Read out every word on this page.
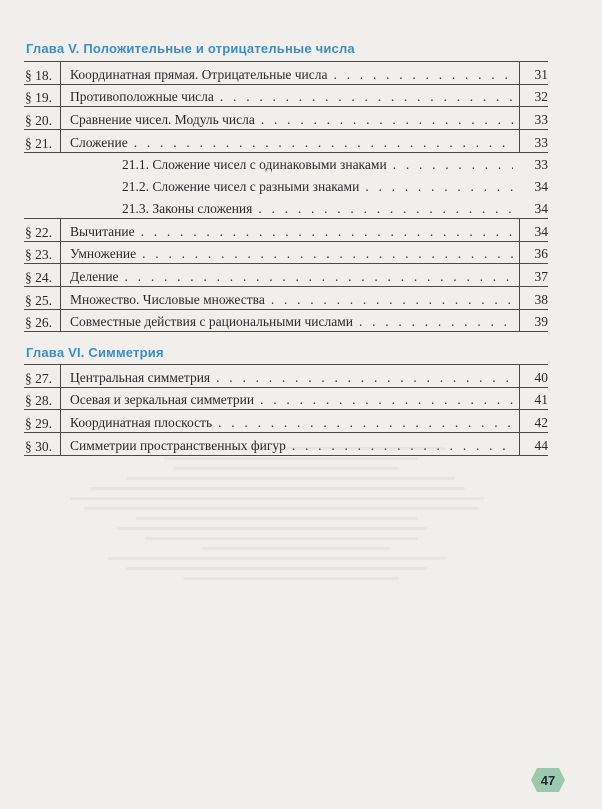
Глава V. Положительные и отрицательные числа
§ 18.	Координатная прямая. Отрицательные числа . . .	31
§ 19.	Противоположные числа . . .	32
§ 20.	Сравнение чисел. Модуль числа . . .	33
§ 21.	Сложение . . .	33
21.1. Сложение чисел с одинаковыми знаками . . .	33
21.2. Сложение чисел с разными знаками . . .	34
21.3. Законы сложения . . .	34
§ 22.	Вычитание . . .	34
§ 23.	Умножение . . .	36
§ 24.	Деление . . .	37
§ 25.	Множество. Числовые множества . . .	38
§ 26.	Совместные действия с рациональными числами . . .	39
Глава VI. Симметрия
§ 27.	Центральная симметрия . . .	40
§ 28.	Осевая и зеркальная симметрии . . .	41
§ 29.	Координатная плоскость . . .	42
§ 30.	Симметрии пространственных фигур . . .	44
47
